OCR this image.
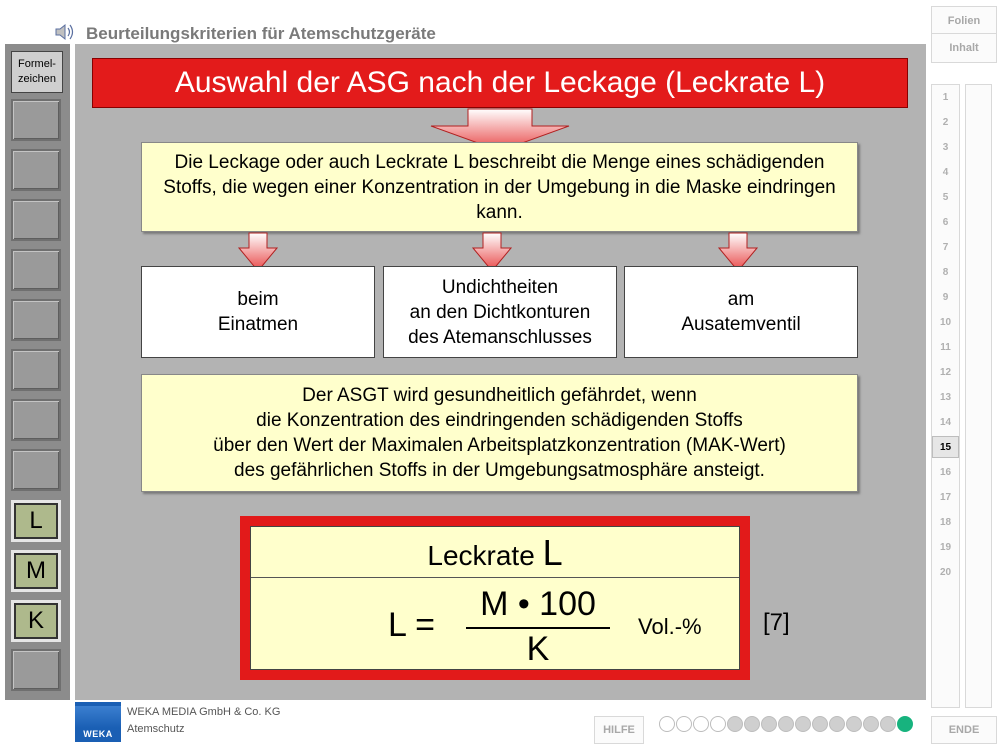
Beurteilungskriterien für Atemschutzgeräte
Folien
Inhalt
Formel-
zeichen
L
M
K
Auswahl der ASG nach der Leckage (Leckrate L)
Die Leckage oder auch Leckrate L beschreibt die Menge eines schädigenden Stoffs, die wegen einer Konzentration in der Umgebung in die Maske eindringen kann.
beim
Einatmen
Undichtheiten
an den Dichtkonturen
des Atemanschlusses
am
Ausatemventil
Der ASGT wird gesundheitlich gefährdet, wenn
die Konzentration des eindringenden schädigenden Stoffs
über den Wert der Maximalen Arbeitsplatzkonzentration (MAK-Wert)
des gefährlichen Stoffs in der Umgebungsatmosphäre ansteigt.
Leckrate L
L =
M • 100
K
Vol.-%	[7]
1
2
3
4
5
6
7
8
9
10
11
12
13
14
15
16
17
18
19
20
WEKA
WEKA MEDIA GmbH & Co. KG
Atemschutz	HILFE	ENDE
